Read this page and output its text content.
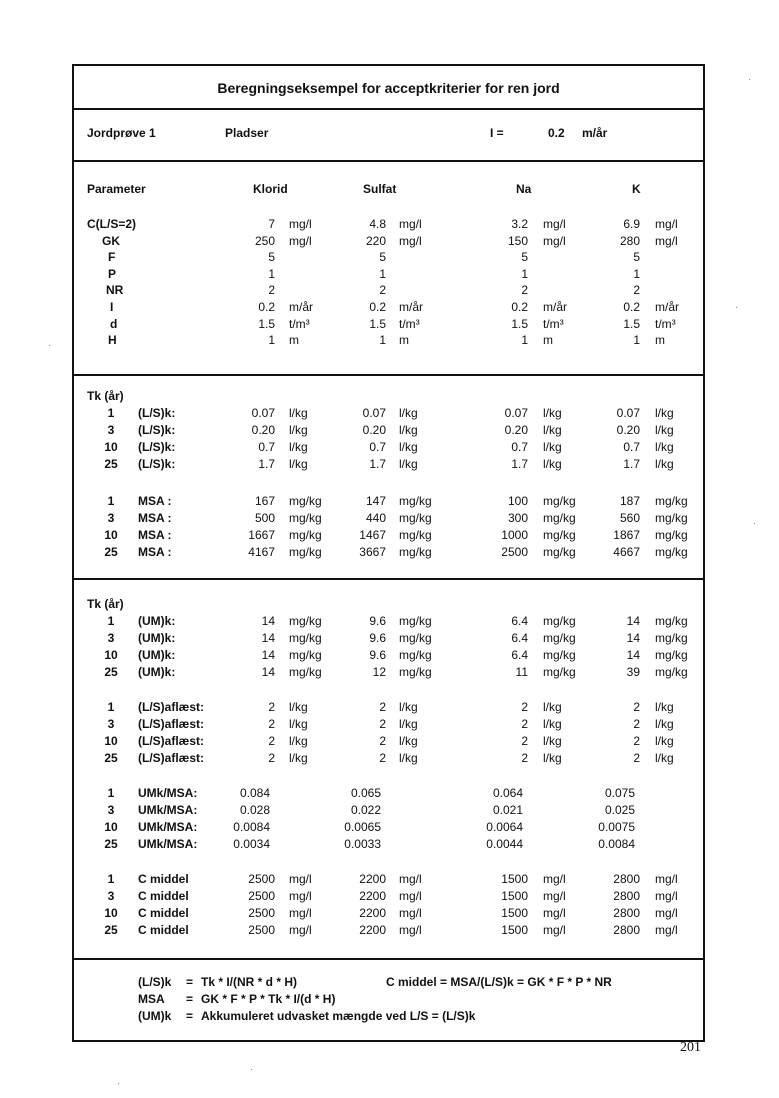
Beregningseksempel for acceptkriterier for ren jord
Jordprøve 1	Pladser	I =	0.2 m/år
Parameter	Klorid	Sulfat	Na	K
C(L/S=2)	7 mg/l	4.8 mg/l	3.2 mg/l	6.9 mg/l
GK	250 mg/l	220 mg/l	150 mg/l	280 mg/l
F	5	5	5	5
P	1	1	1	1
NR	2	2	2	2
I	0.2 m/år	0.2 m/år	0.2 m/år	0.2 m/år
d	1.5 t/m³	1.5 t/m³	1.5 t/m³	1.5 t/m³
H	1 m	1 m	1 m	1 m
Tk (år)
Tk (år)
1	(L/S)k:	0.07 l/kg	0.07 l/kg	0.07 l/kg	0.07 l/kg
3	(L/S)k:	0.20 l/kg	0.20 l/kg	0.20 l/kg	0.20 l/kg
10	(L/S)k:	0.7 l/kg	0.7 l/kg	0.7 l/kg	0.7 l/kg
25	(L/S)k:	1.7 l/kg	1.7 l/kg	1.7 l/kg	1.7 l/kg
1	MSA :	167 mg/kg	147 mg/kg	100 mg/kg	187 mg/kg
3	MSA :	500 mg/kg	440 mg/kg	300 mg/kg	560 mg/kg
10	MSA :	1667 mg/kg	1467 mg/kg	1000 mg/kg	1867 mg/kg
25	MSA :	4167 mg/kg	3667 mg/kg	2500 mg/kg	4667 mg/kg
1	(UM)k:	14 mg/kg	9.6 mg/kg	6.4 mg/kg	14 mg/kg
3	(UM)k:	14 mg/kg	9.6 mg/kg	6.4 mg/kg	14 mg/kg
10	(UM)k:	14 mg/kg	9.6 mg/kg	6.4 mg/kg	14 mg/kg
25	(UM)k:	14 mg/kg	12 mg/kg	11 mg/kg	39 mg/kg
1	(L/S)aflæst:	2 l/kg	2 l/kg	2 l/kg	2 l/kg
3	(L/S)aflæst:	2 l/kg	2 l/kg	2 l/kg	2 l/kg
10	(L/S)aflæst:	2 l/kg	2 l/kg	2 l/kg	2 l/kg
25	(L/S)aflæst:	2 l/kg	2 l/kg	2 l/kg	2 l/kg
1	UMk/MSA:	0.084	0.065	0.064	0.075
3	UMk/MSA:	0.028	0.022	0.021	0.025
10	UMk/MSA:	0.0084	0.0065	0.0064	0.0075
25	UMk/MSA:	0.0034	0.0033	0.0044	0.0084
1	C middel	2500 mg/l	2200 mg/l	1500 mg/l	2800 mg/l
3	C middel	2500 mg/l	2200 mg/l	1500 mg/l	2800 mg/l
10	C middel	2500 mg/l	2200 mg/l	1500 mg/l	2800 mg/l
25	C middel	2500 mg/l	2200 mg/l	1500 mg/l	2800 mg/l
(L/S)k = Tk * I/(NR * d * H)
MSA = GK * F * P * Tk * I/(d * H)
(UM)k = Akkumuleret udvasket mængde ved L/S = (L/S)k
C middel = MSA/(L/S)k = GK * F * P * NR
201
·
·
·
·
·
·
